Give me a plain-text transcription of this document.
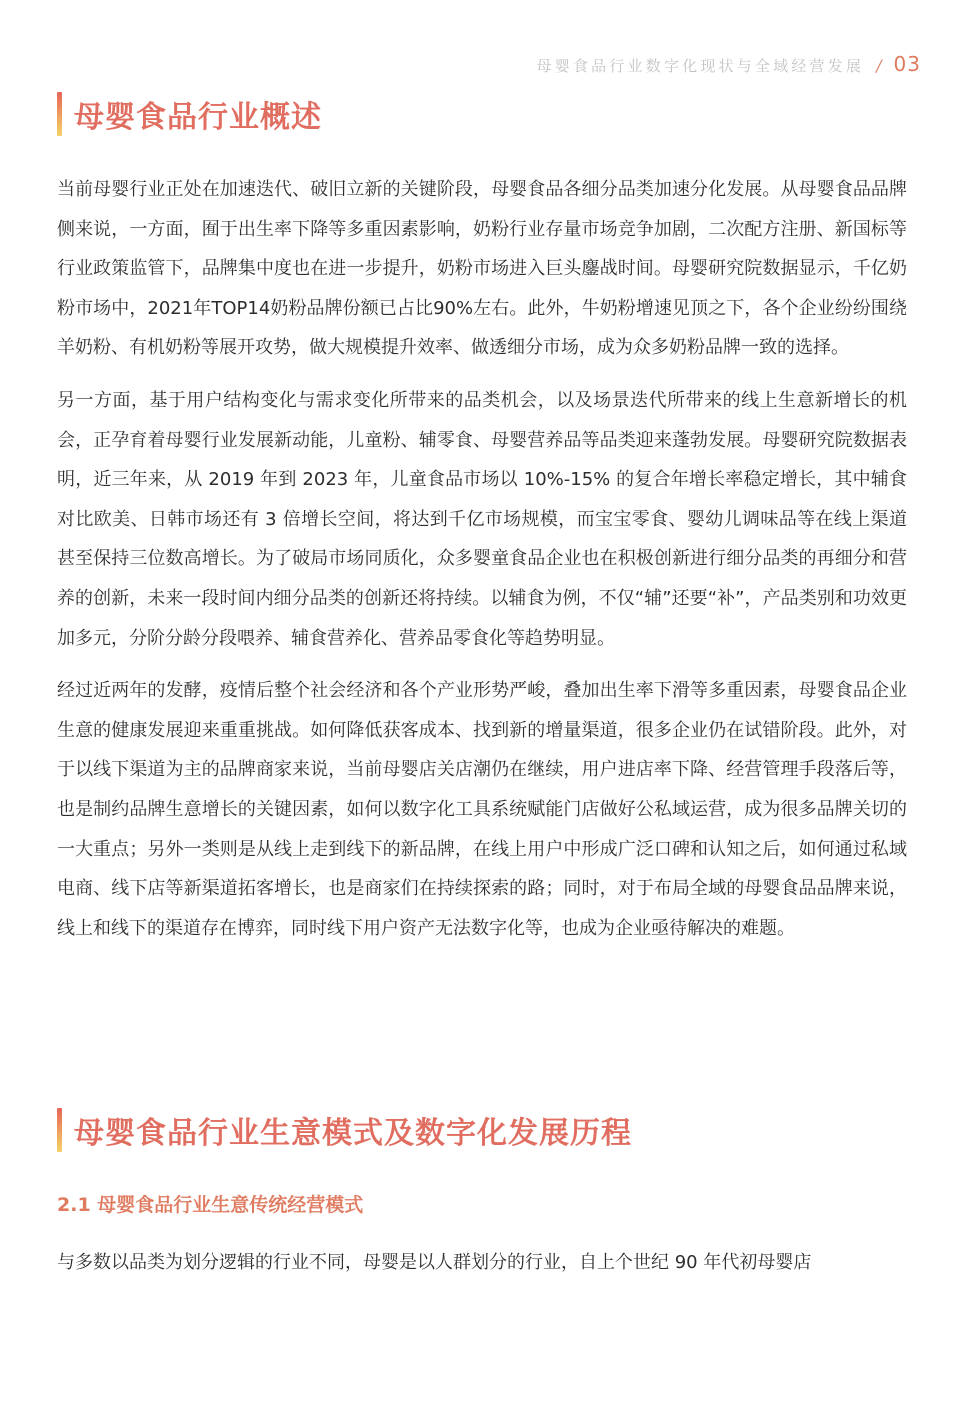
母婴食品行业数字化现状与全域经营发展 / 03
母婴食品行业概述

当前母婴行业正处在加速迭代、破旧立新的关键阶段，母婴食品各细分品类加速分化发展。从母婴食品品牌侧来说，一方面，囿于出生率下降等多重因素影响，奶粉行业存量市场竞争加剧，二次配方注册、新国标等行业政策监管下，品牌集中度也在进一步提升，奶粉市场进入巨头鏖战时间。母婴研究院数据显示，千亿奶粉市场中，2021年TOP14奶粉品牌份额已占比90%左右。此外，牛奶粉增速见顶之下，各个企业纷纷围绕羊奶粉、有机奶粉等展开攻势，做大规模提升效率、做透细分市场，成为众多奶粉品牌一致的选择。

另一方面，基于用户结构变化与需求变化所带来的品类机会，以及场景迭代所带来的线上生意新增长的机会，正孕育着母婴行业发展新动能，儿童粉、辅零食、母婴营养品等品类迎来蓬勃发展。母婴研究院数据表明，近三年来，从 2019 年到 2023 年，儿童食品市场以 10%-15% 的复合年增长率稳定增长，其中辅食对比欧美、日韩市场还有 3 倍增长空间，将达到千亿市场规模，而宝宝零食、婴幼儿调味品等在线上渠道甚至保持三位数高增长。为了破局市场同质化，众多婴童食品企业也在积极创新进行细分品类的再细分和营养的创新，未来一段时间内细分品类的创新还将持续。以辅食为例，不仅“辅”还要“补”，产品类别和功效更加多元，分阶分龄分段喂养、辅食营养化、营养品零食化等趋势明显。

经过近两年的发酵，疫情后整个社会经济和各个产业形势严峻，叠加出生率下滑等多重因素，母婴食品企业生意的健康发展迎来重重挑战。如何降低获客成本、找到新的增量渠道，很多企业仍在试错阶段。此外，对于以线下渠道为主的品牌商家来说，当前母婴店关店潮仍在继续，用户进店率下降、经营管理手段落后等，也是制约品牌生意增长的关键因素，如何以数字化工具系统赋能门店做好公私域运营，成为很多品牌关切的一大重点；另外一类则是从线上走到线下的新品牌，在线上用户中形成广泛口碑和认知之后，如何通过私域电商、线下店等新渠道拓客增长，也是商家们在持续探索的路；同时，对于布局全域的母婴食品品牌来说，线上和线下的渠道存在博弈，同时线下用户资产无法数字化等，也成为企业亟待解决的难题。

母婴食品行业生意模式及数字化发展历程
2.1 母婴食品行业生意传统经营模式

与多数以品类为划分逻辑的行业不同，母婴是以人群划分的行业，自上个世纪 90 年代初母婴店
